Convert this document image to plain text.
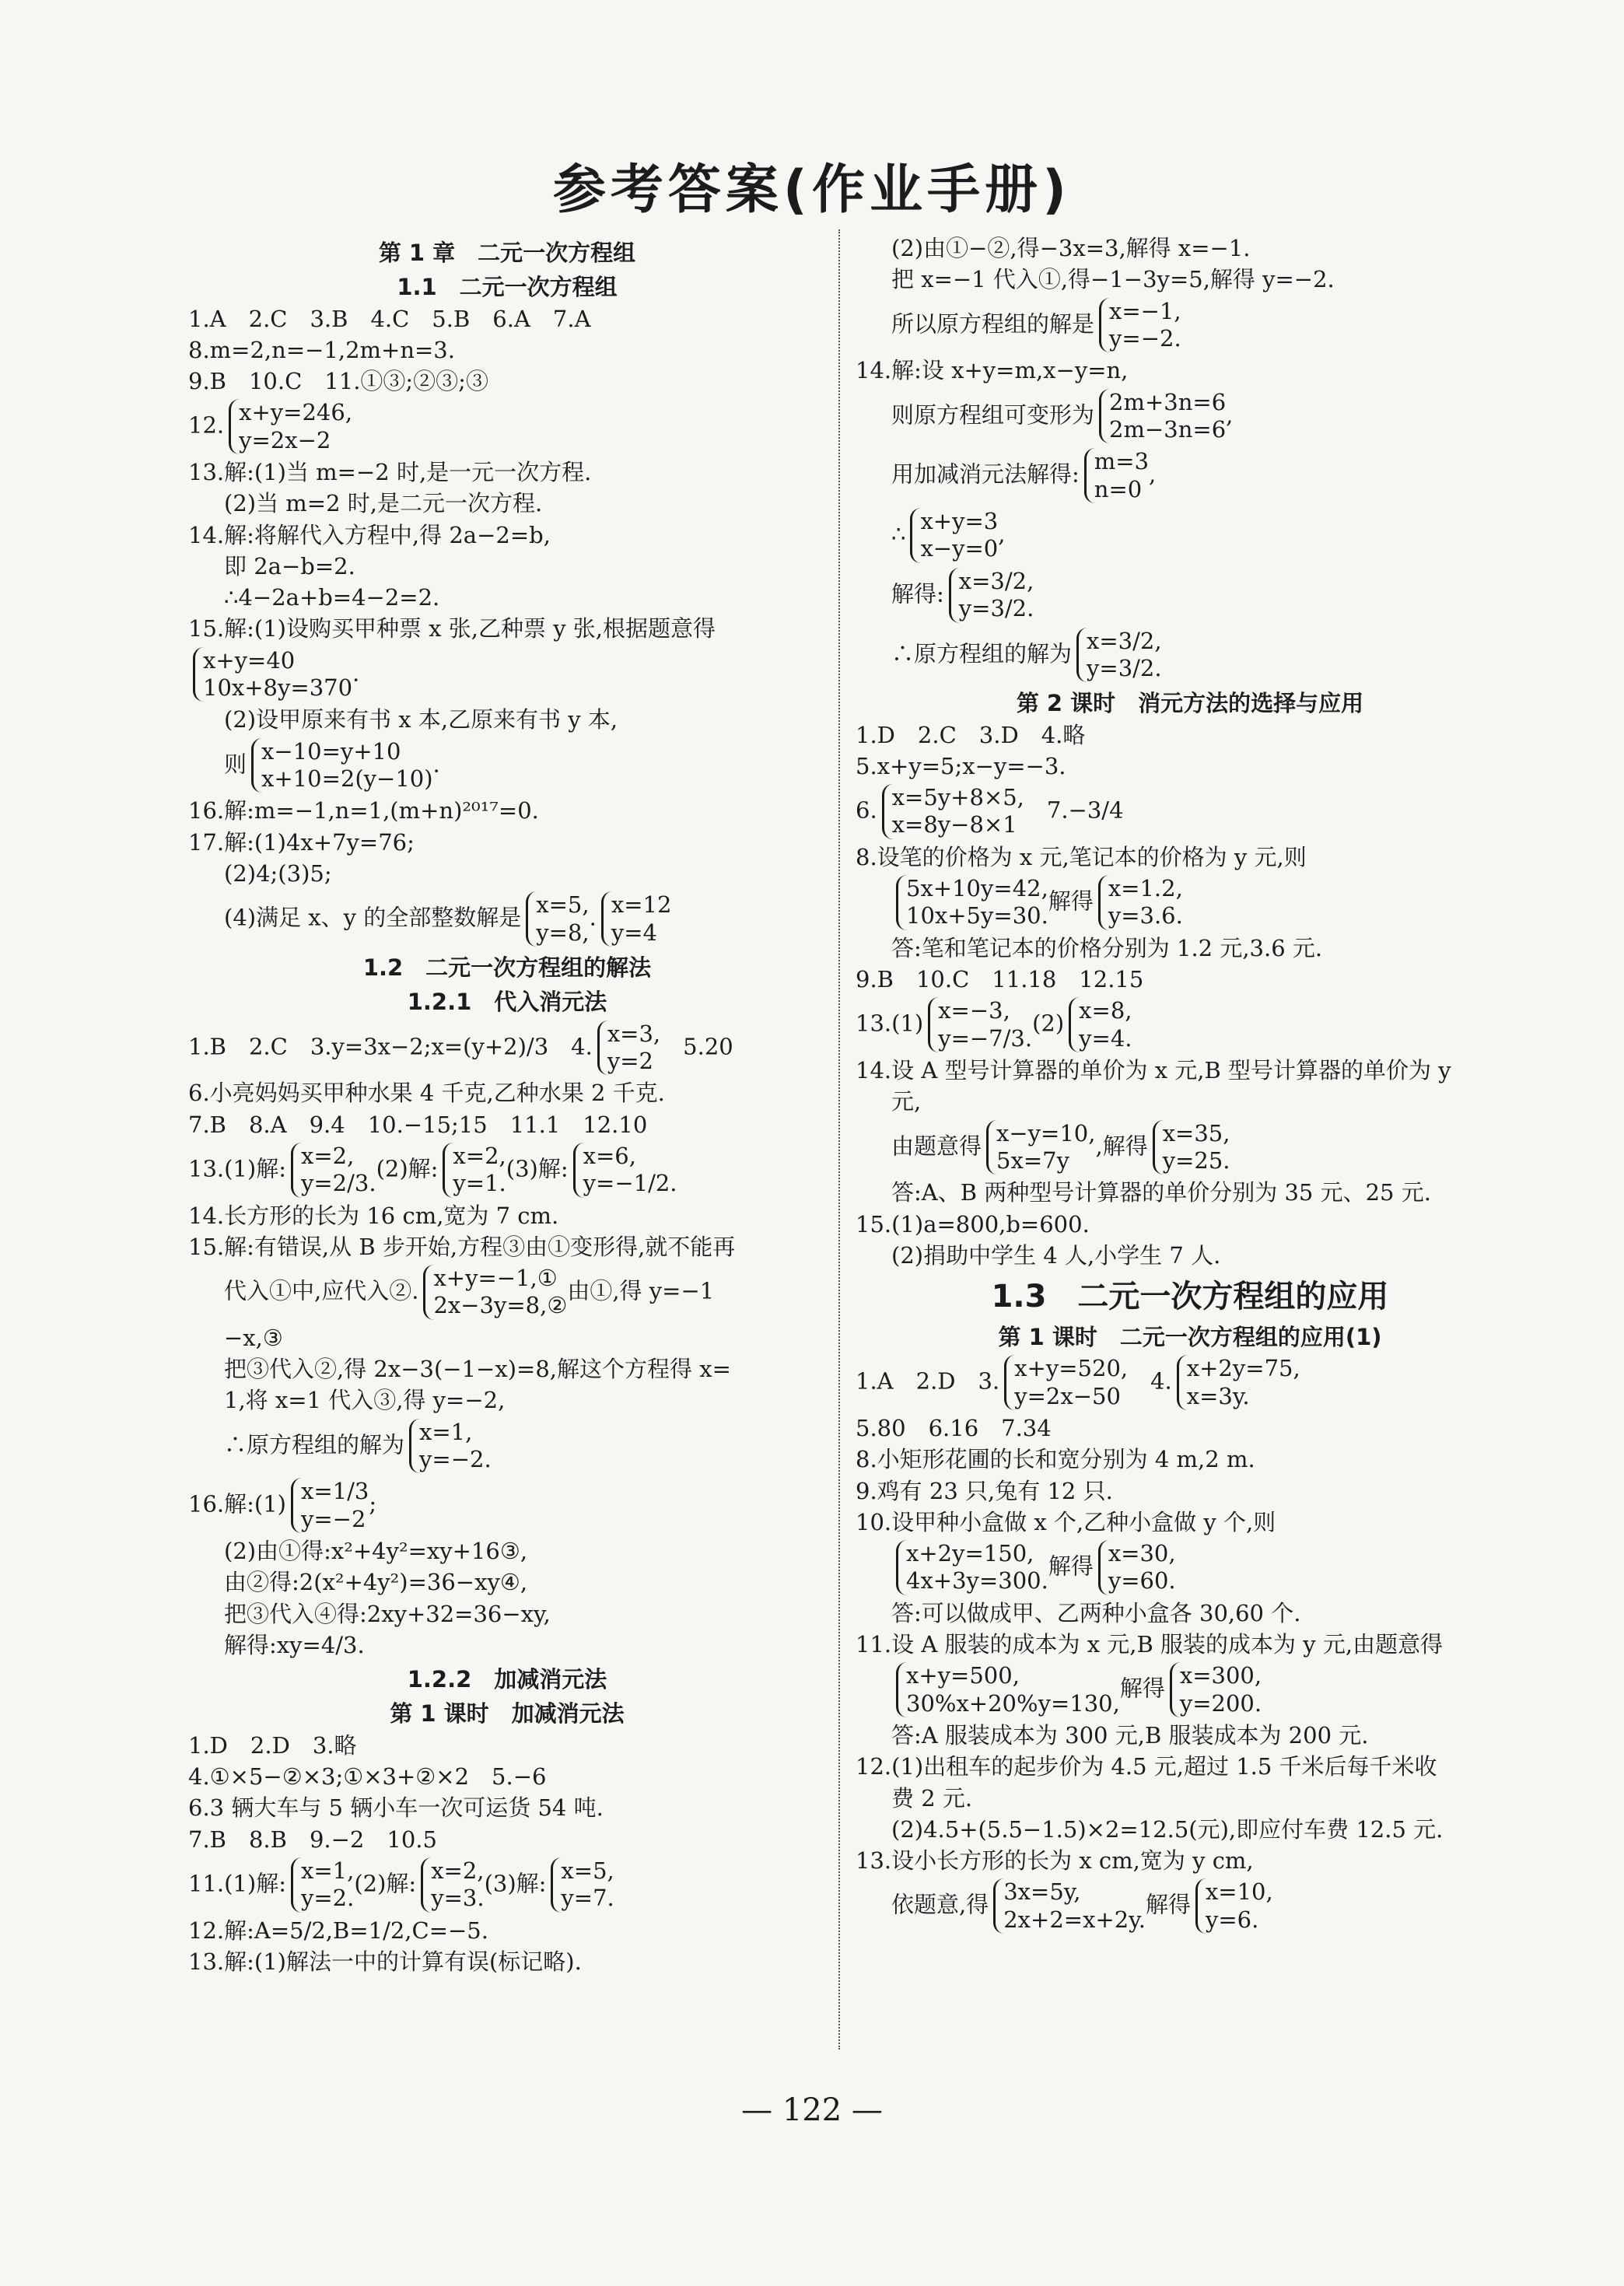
参考答案(作业手册)
第 1 章　二元一次方程组
1.1　二元一次方程组
1.A　2.C　3.B　4.C　5.B　6.A　7.A
8.m=2,n=−1,2m+n=3.
9.B　10.C　11.①③;②③;③
12. x+y=246,
y=2x−2
13.解:(1)当 m=−2 时,是一元一次方程.
(2)当 m=2 时,是二元一次方程.
14.解:将解代入方程中,得 2a−2=b,
即 2a−b=2.
∴4−2a+b=4−2=2.
15.解:(1)设购买甲种票 x 张,乙种票 y 张,根据题意得
x+y=40
10x+8y=370
.
(2)设甲原来有书 x 本,乙原来有书 y 本,
则 x−10=y+10
x+10=2(y−10)
.
16.解:m=−1,n=1,(m+n)²⁰¹⁷=0.
17.解:(1)4x+7y=76;
(2)4;(3)5;
(4)满足 x、y 的全部整数解是 x=5,
y=8,
. x=12
y=4
1.2　二元一次方程组的解法
1.2.1　代入消元法
1.B　2.C　3.y=3x−2;x=(y+2)/3　4. x=3,
y=2
　5.20
6.小亮妈妈买甲种水果 4 千克,乙种水果 2 千克.
7.B　8.A　9.4　10.−15;15　11.1　12.10
13.(1)解: x=2,
y=2/3.
(2)解: x=2,
y=1.
(3)解: x=6,
y=−1/2.
14.长方形的长为 16 cm,宽为 7 cm.
15.解:有错误,从 B 步开始,方程③由①变形得,就不能再
代入①中,应代入②. x+y=−1,①
2x−3y=8,②
由①,得 y=−1
−x,③
把③代入②,得 2x−3(−1−x)=8,解这个方程得 x=
1,将 x=1 代入③,得 y=−2,
∴原方程组的解为 x=1,
y=−2.
16.解:(1) x=1/3
y=−2
;
(2)由①得:x²+4y²=xy+16③,
由②得:2(x²+4y²)=36−xy④,
把③代入④得:2xy+32=36−xy,
解得:xy=4/3.
1.2.2　加减消元法
第 1 课时　加减消元法
1.D　2.D　3.略
4.①×5−②×3;①×3+②×2　5.−6
6.3 辆大车与 5 辆小车一次可运货 54 吨.
7.B　8.B　9.−2　10.5
11.(1)解: x=1,
y=2.
(2)解: x=2,
y=3.
(3)解: x=5,
y=7.
12.解:A=5/2,B=1/2,C=−5.
13.解:(1)解法一中的计算有误(标记略).
(2)由①−②,得−3x=3,解得 x=−1.
把 x=−1 代入①,得−1−3y=5,解得 y=−2.
所以原方程组的解是 x=−1,
y=−2.
14.解:设 x+y=m,x−y=n,
则原方程组可变形为 2m+3n=6
2m−3n=6
,
用加减消元法解得: m=3
n=0
,
∴ x+y=3
x−y=0
,
解得: x=3/2,
y=3/2.
∴原方程组的解为 x=3/2,
y=3/2.
第 2 课时　消元方法的选择与应用
1.D　2.C　3.D　4.略
5.x+y=5;x−y=−3.
6. x=5y+8×5,
x=8y−8×1
　7.−3/4
8.设笔的价格为 x 元,笔记本的价格为 y 元,则
5x+10y=42,
10x+5y=30.
解得 x=1.2,
y=3.6.
答:笔和笔记本的价格分别为 1.2 元,3.6 元.
9.B　10.C　11.18　12.15
13.(1) x=−3,
y=−7/3.
(2) x=8,
y=4.
14.设 A 型号计算器的单价为 x 元,B 型号计算器的单价为 y
元,
由题意得 x−y=10,
5x=7y
,解得 x=35,
y=25.
答:A、B 两种型号计算器的单价分别为 35 元、25 元.
15.(1)a=800,b=600.
(2)捐助中学生 4 人,小学生 7 人.
1.3　二元一次方程组的应用
第 1 课时　二元一次方程组的应用(1)
1.A　2.D　3. x+y=520,
y=2x−50
　4. x+2y=75,
x=3y.
5.80　6.16　7.34
8.小矩形花圃的长和宽分别为 4 m,2 m.
9.鸡有 23 只,兔有 12 只.
10.设甲种小盒做 x 个,乙种小盒做 y 个,则
x+2y=150,
4x+3y=300.
解得 x=30,
y=60.
答:可以做成甲、乙两种小盒各 30,60 个.
11.设 A 服装的成本为 x 元,B 服装的成本为 y 元,由题意得
x+y=500,
30%x+20%y=130,
解得 x=300,
y=200.
答:A 服装成本为 300 元,B 服装成本为 200 元.
12.(1)出租车的起步价为 4.5 元,超过 1.5 千米后每千米收
费 2 元.
(2)4.5+(5.5−1.5)×2=12.5(元),即应付车费 12.5 元.
13.设小长方形的长为 x cm,宽为 y cm,
依题意,得 3x=5y,
2x+2=x+2y.
解得 x=10,
y=6.
— 122 —
